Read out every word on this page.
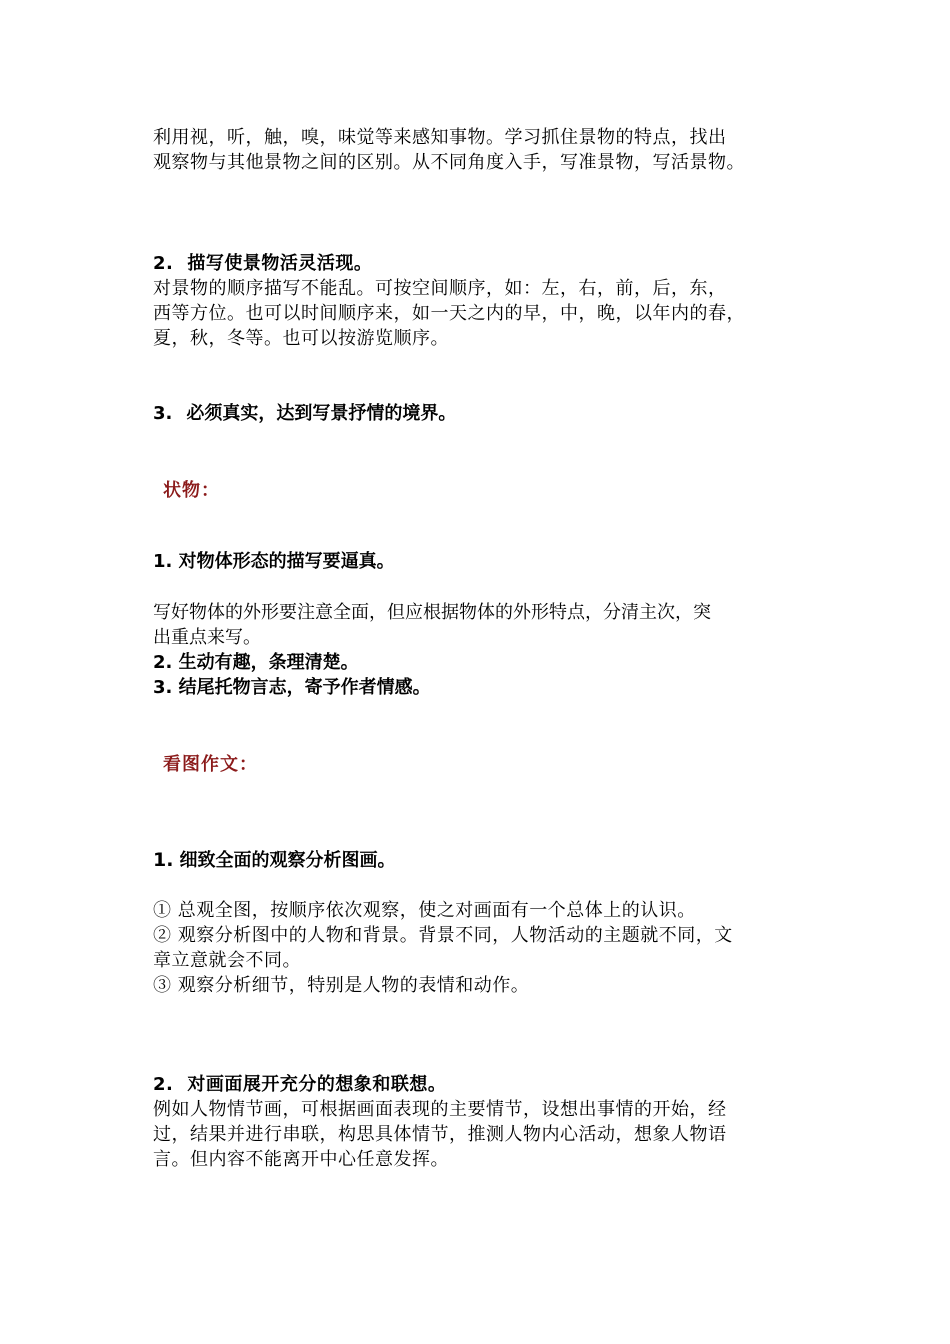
利用视，听，触，嗅，味觉等来感知事物。学习抓住景物的特点，找出
观察物与其他景物之间的区别。从不同角度入手，写准景物，写活景物。
2. 描写使景物活灵活现。
对景物的顺序描写不能乱。可按空间顺序，如：左，右，前，后，东，
西等方位。也可以时间顺序来，如一天之内的早，中，晚，以年内的春，
夏，秋，冬等。也可以按游览顺序。
3. 必须真实，达到写景抒情的境界。
状物：
1. 对物体形态的描写要逼真。
写好物体的外形要注意全面，但应根据物体的外形特点，分清主次，突
出重点来写。
2. 生动有趣，条理清楚。
3. 结尾托物言志，寄予作者情感。
看图作文：
1. 细致全面的观察分析图画。
① 总观全图，按顺序依次观察，使之对画面有一个总体上的认识。
② 观察分析图中的人物和背景。背景不同，人物活动的主题就不同，文
章立意就会不同。
③ 观察分析细节，特别是人物的表情和动作。
2. 对画面展开充分的想象和联想。
例如人物情节画，可根据画面表现的主要情节，设想出事情的开始，经
过，结果并进行串联，构思具体情节，推测人物内心活动，想象人物语
言。但内容不能离开中心任意发挥。
